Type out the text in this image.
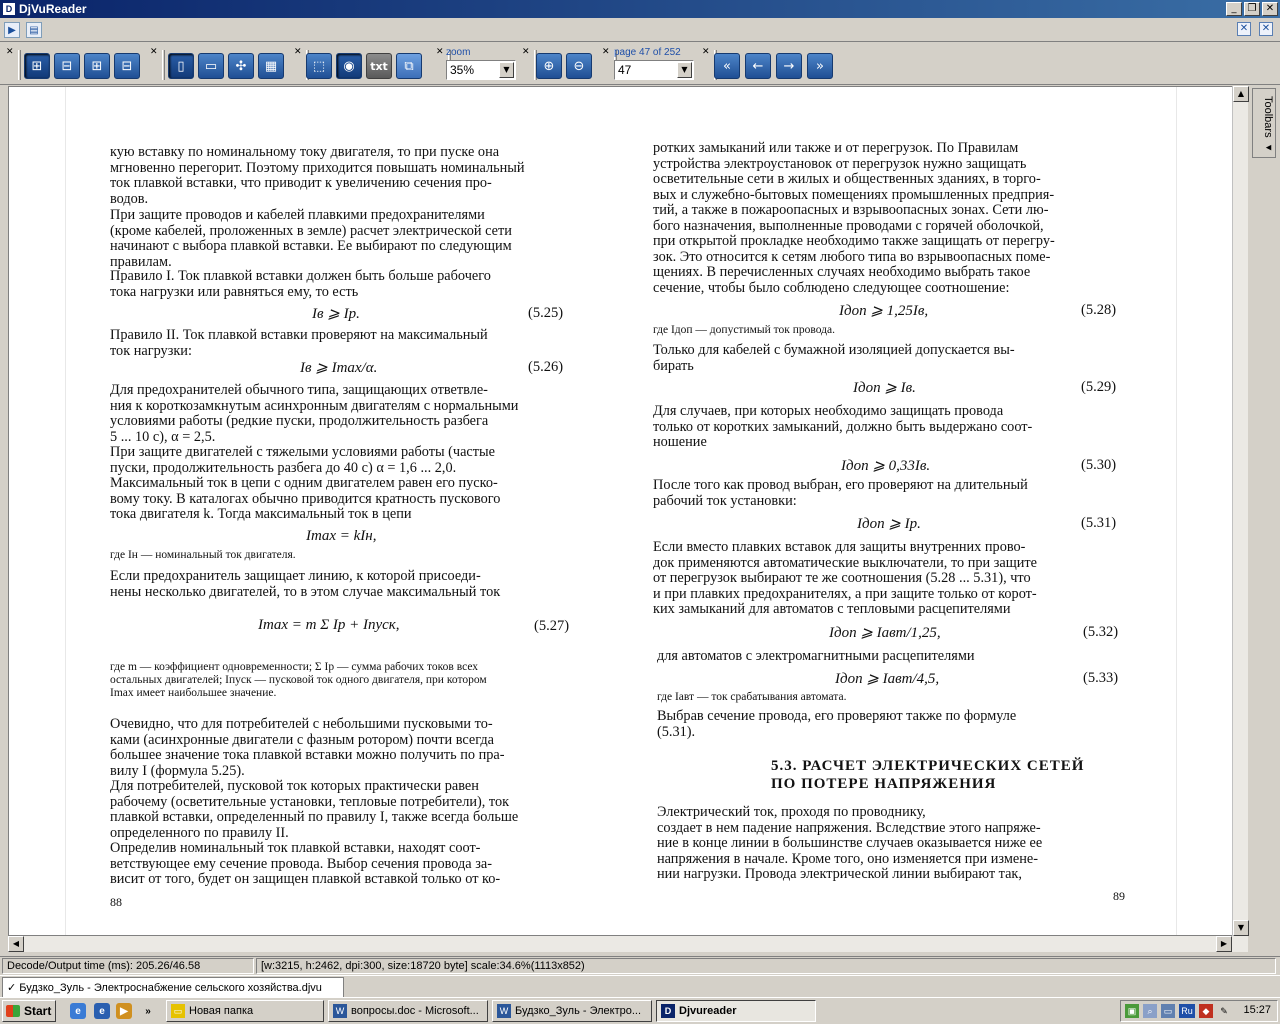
D DjVuReader	_	❐ ✕
▶	▤	✕ ✕
✕
⊞	⊟	⊞	⊟
✕
▯	▭	✣	▦
✕
⬚	◉	txt	⧉
✕ zoom
35%	▼
✕
⊕	⊖
✕ page 47 of 252
47	▼
✕
«	←	→	»
кую вставку по номинальному току двигателя, то при пуске она
мгновенно перегорит. Поэтому приходится повышать номинальный
ток плавкой вставки, что приводит к увеличению сечения про-
водов.
При защите проводов и кабелей плавкими предохранителями
(кроме кабелей, проложенных в земле) расчет электрической сети
начинают с выбора плавкой вставки. Ее выбирают по следующим
правилам.
Правило I. Ток плавкой вставки должен быть больше рабочего
тока нагрузки или равняться ему, то есть
Iв ⩾ Iр.	(5.25)
Правило II. Ток плавкой вставки проверяют на максимальный
ток нагрузки:
Iв ⩾ Imax/α.	(5.26)
Для предохранителей обычного типа, защищающих ответвле-
ния к короткозамкнутым асинхронным двигателям с нормальными
условиями работы (редкие пуски, продолжительность разбега
5 ... 10 с), α = 2,5.
При защите двигателей с тяжелыми условиями работы (частые
пуски, продолжительность разбега до 40 с) α = 1,6 ... 2,0.
Максимальный ток в цепи с одним двигателем равен его пуско-
вому току. В каталогах обычно приводится кратность пускового
тока двигателя k. Тогда максимальный ток в цепи
Imax = kIн,
где Iн — номинальный ток двигателя.
Если предохранитель защищает линию, к которой присоеди-
нены несколько двигателей, то в этом случае максимальный ток
Imax = m Σ Iр + Iпуск,	(5.27)
где m — коэффициент одновременности; Σ Iр — сумма рабочих токов всех
остальных двигателей; Iпуск — пусковой ток одного двигателя, при котором
Imax имеет наибольшее значение.
Очевидно, что для потребителей с небольшими пусковыми то-
ками (асинхронные двигатели с фазным ротором) почти всегда
большее значение тока плавкой вставки можно получить по пра-
вилу I (формула 5.25).
Для потребителей, пусковой ток которых практически равен
рабочему (осветительные установки, тепловые потребители), ток
плавкой вставки, определенный по правилу I, также всегда больше
определенного по правилу II.
Определив номинальный ток плавкой вставки, находят соот-
ветствующее ему сечение провода. Выбор сечения провода за-
висит от того, будет он защищен плавкой вставкой только от ко-
88
ротких замыканий или также и от перегрузок. По Правилам
устройства электроустановок от перегрузок нужно защищать
осветительные сети в жилых и общественных зданиях, в торго-
вых и служебно-бытовых помещениях промышленных предприя-
тий, а также в пожароопасных и взрывоопасных зонах. Сети лю-
бого назначения, выполненные проводами с горячей оболочкой,
при открытой прокладке необходимо также защищать от перегру-
зок. Это относится к сетям любого типа во взрывоопасных поме-
щениях. В перечисленных случаях необходимо выбрать такое
сечение, чтобы было соблюдено следующее соотношение:
Iдоп ⩾ 1,25Iв,	(5.28)
где Iдоп — допустимый ток провода.
Только для кабелей с бумажной изоляцией допускается вы-
бирать
Iдоп ⩾ Iв.	(5.29)
Для случаев, при которых необходимо защищать провода
только от коротких замыканий, должно быть выдержано соот-
ношение
Iдоп ⩾ 0,33Iв.	(5.30)
После того как провод выбран, его проверяют на длительный
рабочий ток установки:
Iдоп ⩾ Iр.	(5.31)
Если вместо плавких вставок для защиты внутренних прово-
док применяются автоматические выключатели, то при защите
от перегрузок выбирают те же соотношения (5.28 ... 5.31), что
и при плавких предохранителях, а при защите только от корот-
ких замыканий для автоматов с тепловыми расцепителями
Iдоп ⩾ Iавт/1,25,	(5.32)
для автоматов с электромагнитными расцепителями
Iдоп ⩾ Iавт/4,5,	(5.33)
где Iавт — ток срабатывания автомата.
Выбрав сечение провода, его проверяют также по формуле
(5.31).
5.3. РАСЧЕТ ЭЛЕКТРИЧЕСКИХ СЕТЕЙ
ПО ПОТЕРЕ НАПРЯЖЕНИЯ
Электрический ток, проходя по проводнику,
создает в нем падение напряжения. Вследствие этого напряже-
ние в конце линии в большинстве случаев оказывается ниже ее
напряжения в начале. Кроме того, оно изменяется при измене-
нии нагрузки. Провода электрической линии выбирают так,
89
▲
▼
◀	▶
Toolbars ◂
Decode/Output time (ms): 205.26/46.58	[w:3215, h:2462, dpi:300, size:18720 byte] scale:34.6%(1113x852)
✓ Будзко_Зуль - Электроснабжение сельского хозяйства.djvu
Start	e	e	▶	»	▭ Новая папка	W вопросы.doc - Microsoft...	W Будзко_Зуль - Электро...	D Djvureader	▣	⌕	▭ Ru	◆	✎ 15:27
